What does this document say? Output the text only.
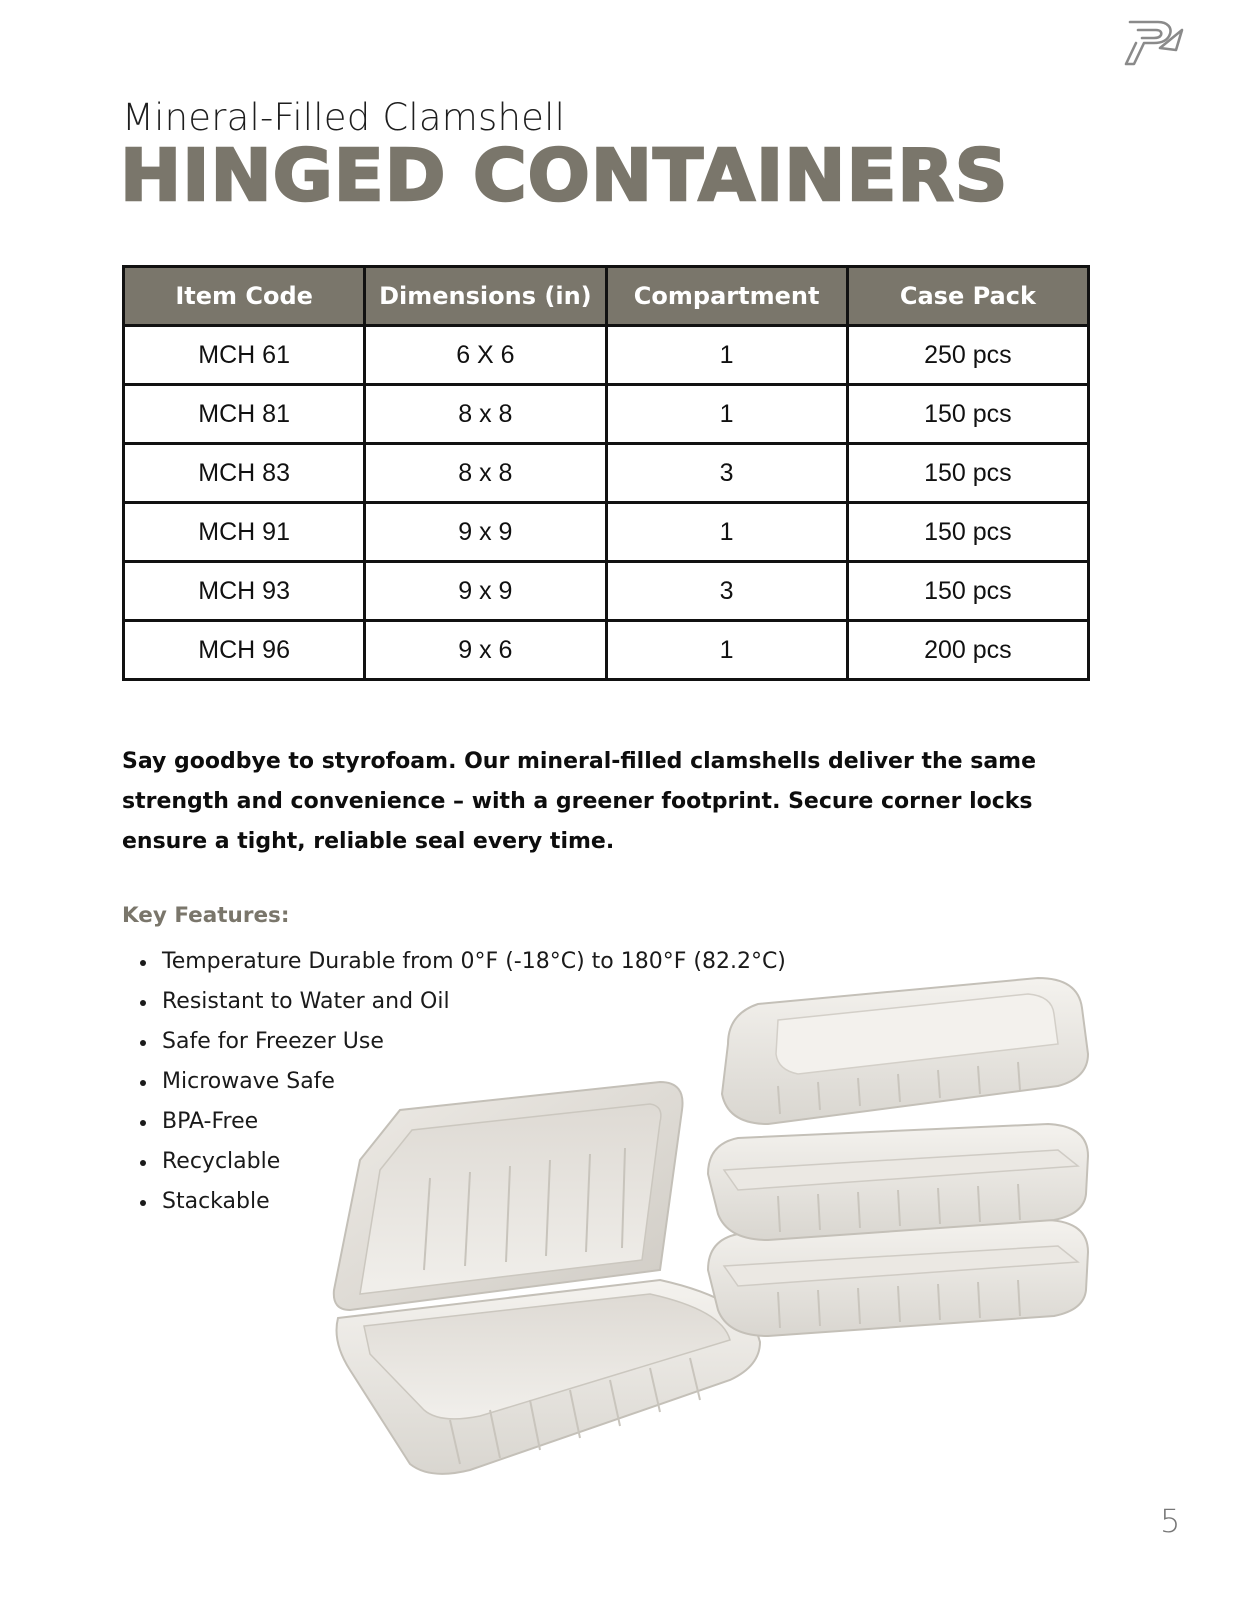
Mineral-Filled Clamshell
HINGED CONTAINERS
Item Code	Dimensions (in)	Compartment	Case Pack
MCH 61	6 X 6	1	250 pcs
MCH 81	8 x 8	1	150 pcs
MCH 83	8 x 8	3	150 pcs
MCH 91	9 x 9	1	150 pcs
MCH 93	9 x 9	3	150 pcs
MCH 96	9 x 6	1	200 pcs

Say goodbye to styrofoam. Our mineral-filled clamshells deliver the same strength and convenience – with a greener footprint. Secure corner locks ensure a tight, reliable seal every time.

Key Features:
Temperature Durable from 0°F (-18°C) to 180°F (82.2°C)
Resistant to Water and Oil
Safe for Freezer Use
Microwave Safe
BPA-Free
Recyclable
Stackable

5
